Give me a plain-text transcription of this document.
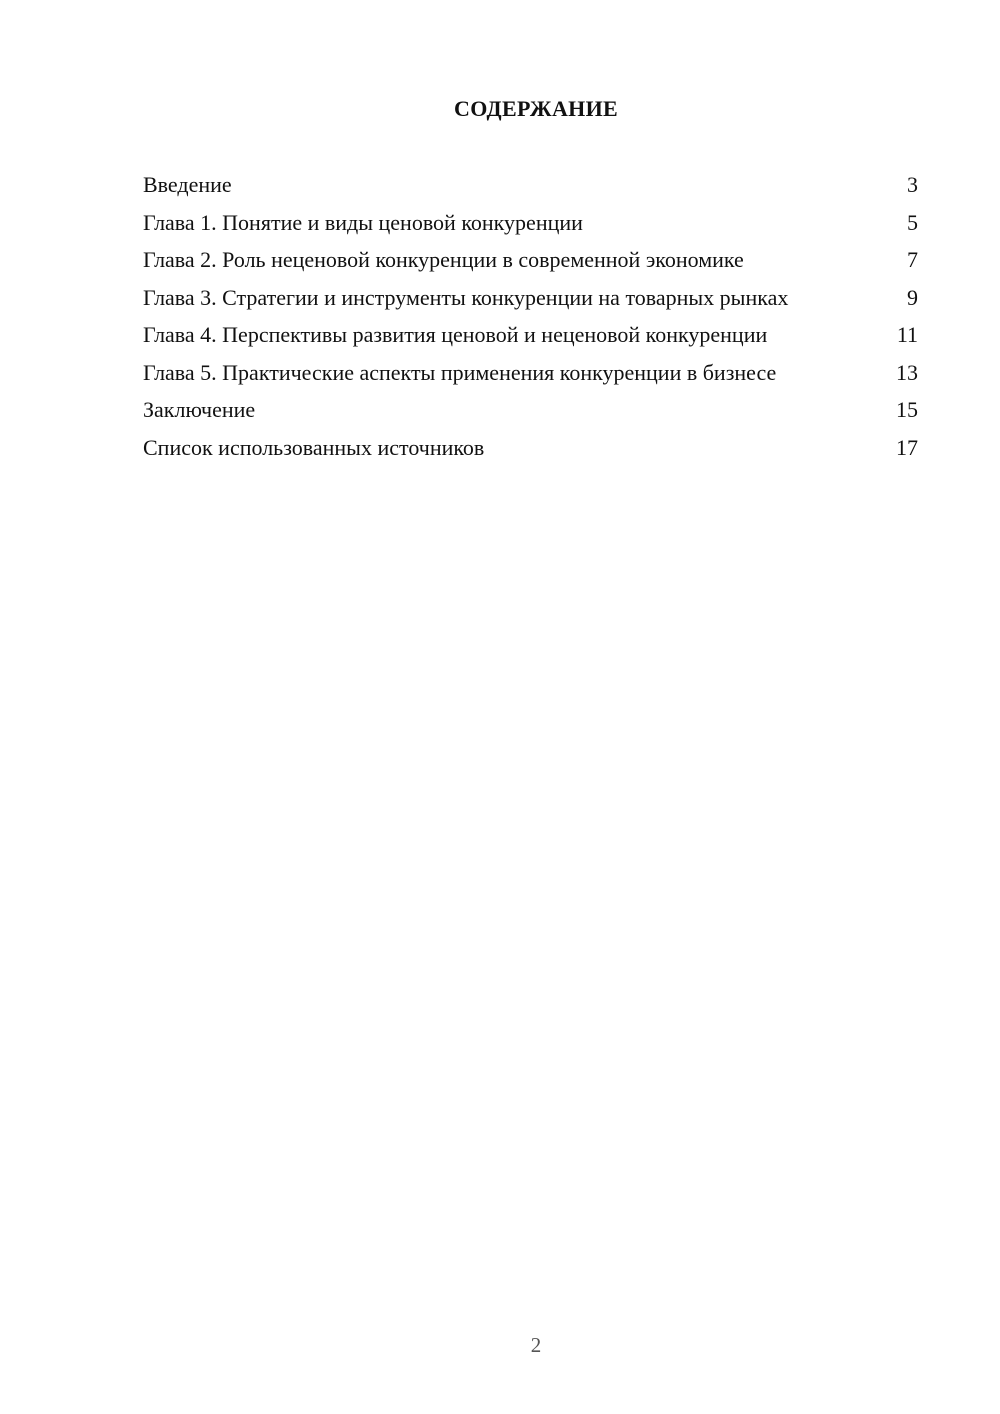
СОДЕРЖАНИЕ
Введение	3
Глава 1. Понятие и виды ценовой конкуренции	5
Глава 2. Роль неценовой конкуренции в современной экономике	7
Глава 3. Стратегии и инструменты конкуренции на товарных рынках	9
Глава 4. Перспективы развития ценовой и неценовой конкуренции	11
Глава 5. Практические аспекты применения конкуренции в бизнесе	13
Заключение	15
Список использованных источников	17
2
